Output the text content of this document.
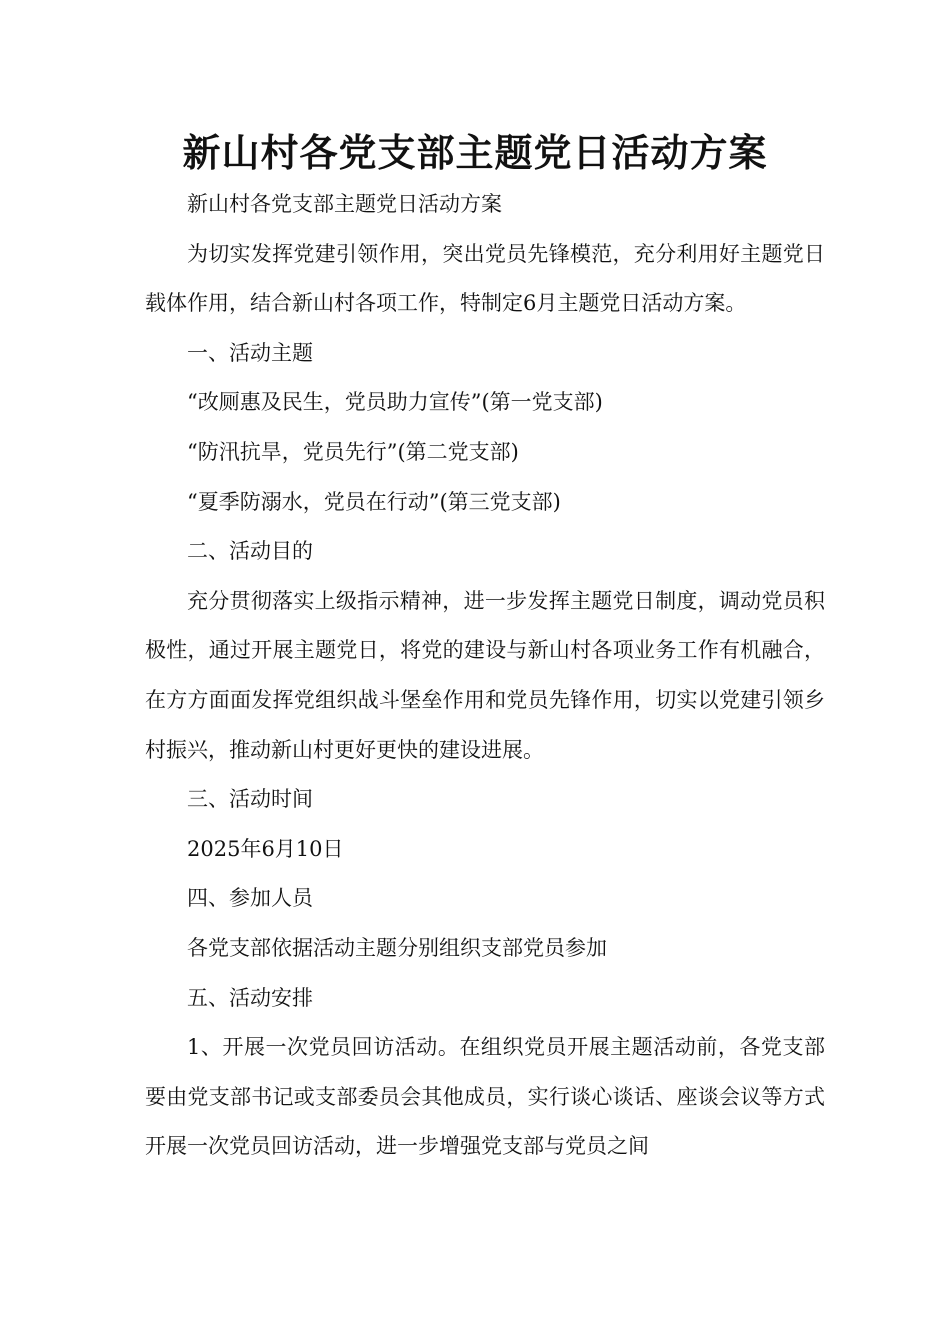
新山村各党支部主题党日活动方案

新山村各党支部主题党日活动方案

为切实发挥党建引领作用，突出党员先锋模范，充分利用好主题党日载体作用，结合新山村各项工作，特制定6月主题党日活动方案。

一、活动主题

“改厕惠及民生，党员助力宣传”(第一党支部)

“防汛抗旱，党员先行”(第二党支部)

“夏季防溺水，党员在行动”(第三党支部)

二、活动目的

充分贯彻落实上级指示精神，进一步发挥主题党日制度，调动党员积极性，通过开展主题党日，将党的建设与新山村各项业务工作有机融合，在方方面面发挥党组织战斗堡垒作用和党员先锋作用，切实以党建引领乡村振兴，推动新山村更好更快的建设进展。

三、活动时间

2025年6月10日

四、参加人员

各党支部依据活动主题分别组织支部党员参加

五、活动安排

1、开展一次党员回访活动。在组织党员开展主题活动前，各党支部要由党支部书记或支部委员会其他成员，实行谈心谈话、座谈会议等方式开展一次党员回访活动，进一步增强党支部与党员之间
